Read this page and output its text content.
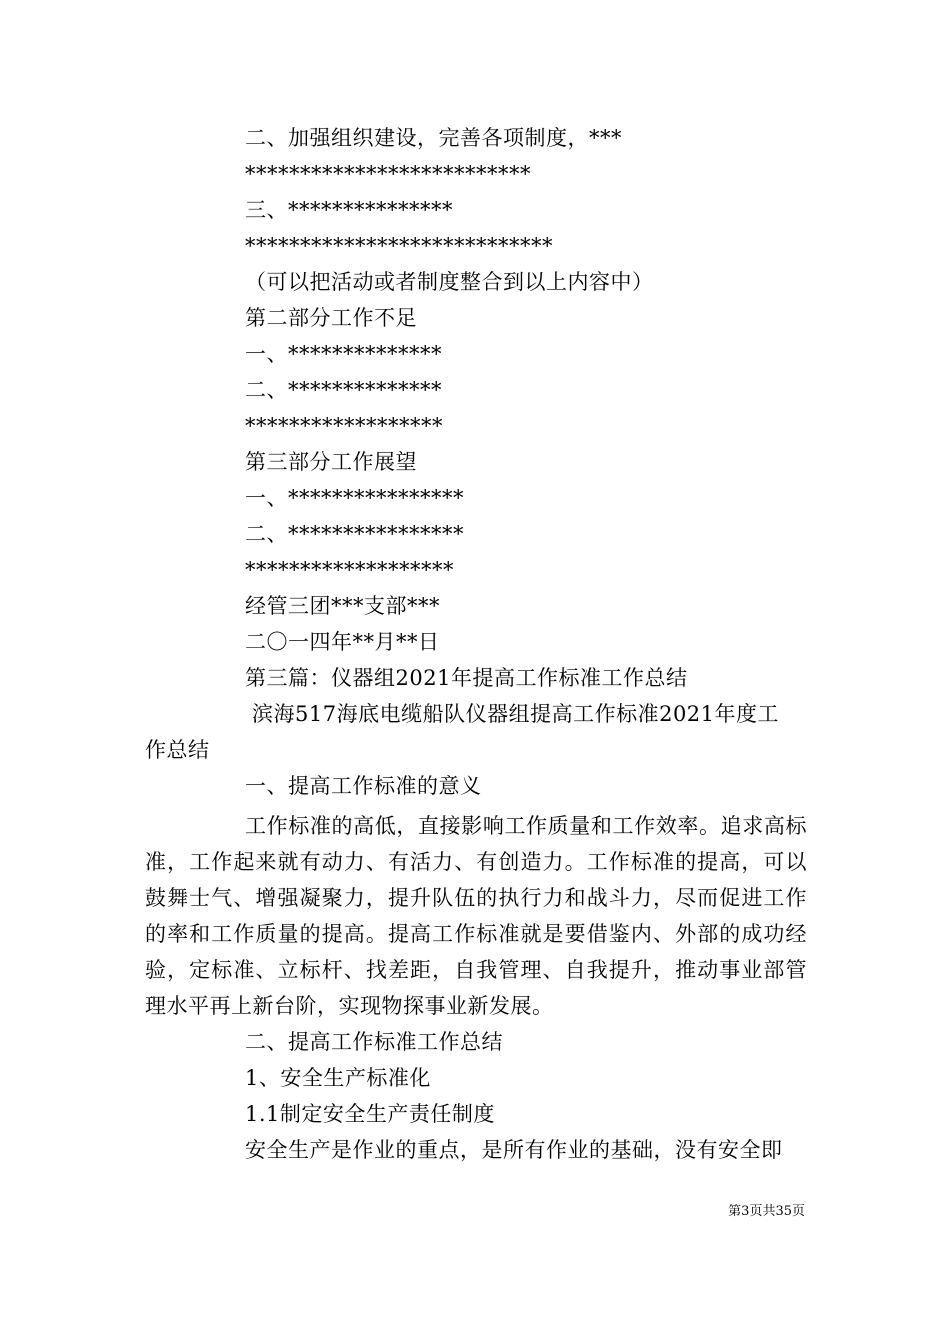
二、加强组织建设，完善各项制度，***
**************************
三、***************
****************************
（可以把活动或者制度整合到以上内容中）
第二部分工作不足
一、**************
二、**************
******************
第三部分工作展望
一、****************
二、****************
*******************
经管三团***支部***
二〇一四年**月**日
第三篇：仪器组2021年提高工作标准工作总结
滨海517海底电缆船队仪器组提高工作标准2021年度工
作总结
一、提高工作标准的意义
工作标准的高低，直接影响工作质量和工作效率。追求高标准，工作起来就有动力、有活力、有创造力。工作标准的提高，可以鼓舞士气、增强凝聚力，提升队伍的执行力和战斗力，尽而促进工作的率和工作质量的提高。提高工作标准就是要借鉴内、外部的成功经验，定标准、立标杆、找差距，自我管理、自我提升，推动事业部管理水平再上新台阶，实现物探事业新发展。
二、提高工作标准工作总结
1、安全生产标准化
1.1制定安全生产责任制度
安全生产是作业的重点，是所有作业的基础，没有安全即
第3页共35页
